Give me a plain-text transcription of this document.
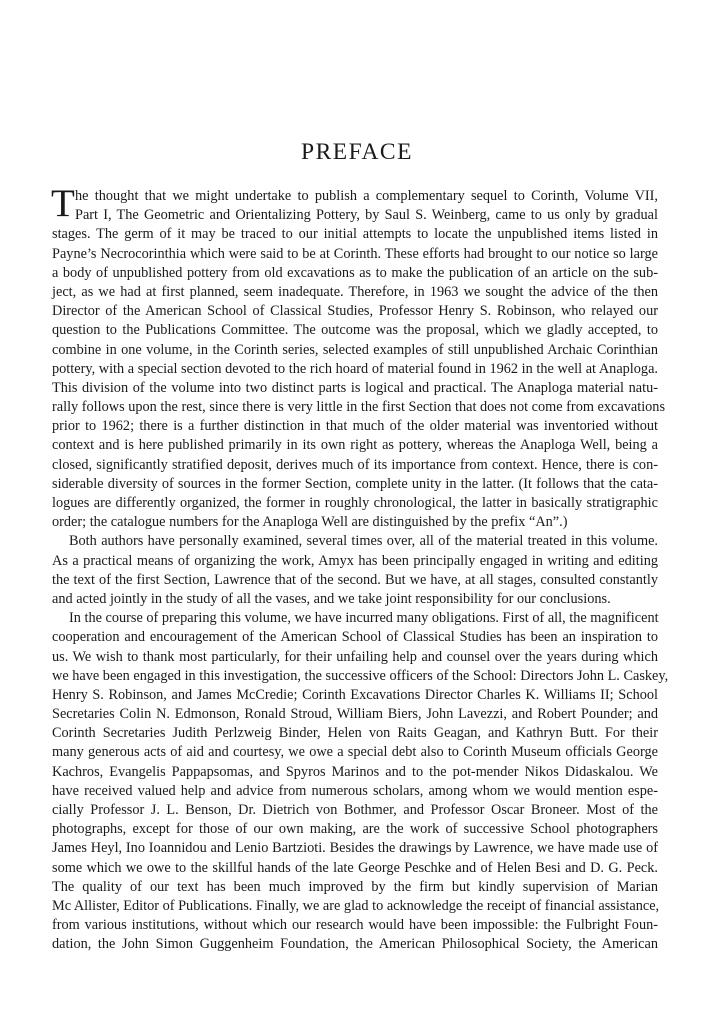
PREFACE
T he thought that we might undertake to publish a complementary sequel to Corinth, Volume VII,
Part I, The Geometric and Orientalizing Pottery, by Saul S. Weinberg, came to us only by gradual
stages. The germ of it may be traced to our initial attempts to locate the unpublished items listed in
Payne’s Necrocorinthia which were said to be at Corinth. These efforts had brought to our notice so large
a body of unpublished pottery from old excavations as to make the publication of an article on the sub-
ject, as we had at first planned, seem inadequate. Therefore, in 1963 we sought the advice of the then
Director of the American School of Classical Studies, Professor Henry S. Robinson, who relayed our
question to the Publications Committee. The outcome was the proposal, which we gladly accepted, to
combine in one volume, in the Corinth series, selected examples of still unpublished Archaic Corinthian
pottery, with a special section devoted to the rich hoard of material found in 1962 in the well at Anaploga.
This division of the volume into two distinct parts is logical and practical. The Anaploga material natu-
rally follows upon the rest, since there is very little in the first Section that does not come from excavations
prior to 1962; there is a further distinction in that much of the older material was inventoried without
context and is here published primarily in its own right as pottery, whereas the Anaploga Well, being a
closed, significantly stratified deposit, derives much of its importance from context. Hence, there is con-
siderable diversity of sources in the former Section, complete unity in the latter. (It follows that the cata-
logues are differently organized, the former in roughly chronological, the latter in basically stratigraphic
order; the catalogue numbers for the Anaploga Well are distinguished by the prefix “An”.)
Both authors have personally examined, several times over, all of the material treated in this volume.
As a practical means of organizing the work, Amyx has been principally engaged in writing and editing
the text of the first Section, Lawrence that of the second. But we have, at all stages, consulted constantly
and acted jointly in the study of all the vases, and we take joint responsibility for our conclusions.
In the course of preparing this volume, we have incurred many obligations. First of all, the magnificent
cooperation and encouragement of the American School of Classical Studies has been an inspiration to
us. We wish to thank most particularly, for their unfailing help and counsel over the years during which
we have been engaged in this investigation, the successive officers of the School: Directors John L. Caskey,
Henry S. Robinson, and James McCredie; Corinth Excavations Director Charles K. Williams II; School
Secretaries Colin N. Edmonson, Ronald Stroud, William Biers, John Lavezzi, and Robert Pounder; and
Corinth Secretaries Judith Perlzweig Binder, Helen von Raits Geagan, and Kathryn Butt. For their
many generous acts of aid and courtesy, we owe a special debt also to Corinth Museum officials George
Kachros, Evangelis Pappapsomas, and Spyros Marinos and to the pot-mender Nikos Didaskalou. We
have received valued help and advice from numerous scholars, among whom we would mention espe-
cially Professor J. L. Benson, Dr. Dietrich von Bothmer, and Professor Oscar Broneer. Most of the
photographs, except for those of our own making, are the work of successive School photographers
James Heyl, Ino Ioannidou and Lenio Bartzioti. Besides the drawings by Lawrence, we have made use of
some which we owe to the skillful hands of the late George Peschke and of Helen Besi and D. G. Peck.
The quality of our text has been much improved by the firm but kindly supervision of Marian
Mc Allister, Editor of Publications. Finally, we are glad to acknowledge the receipt of financial assistance,
from various institutions, without which our research would have been impossible: the Fulbright Foun-
dation, the John Simon Guggenheim Foundation, the American Philosophical Society, the American
